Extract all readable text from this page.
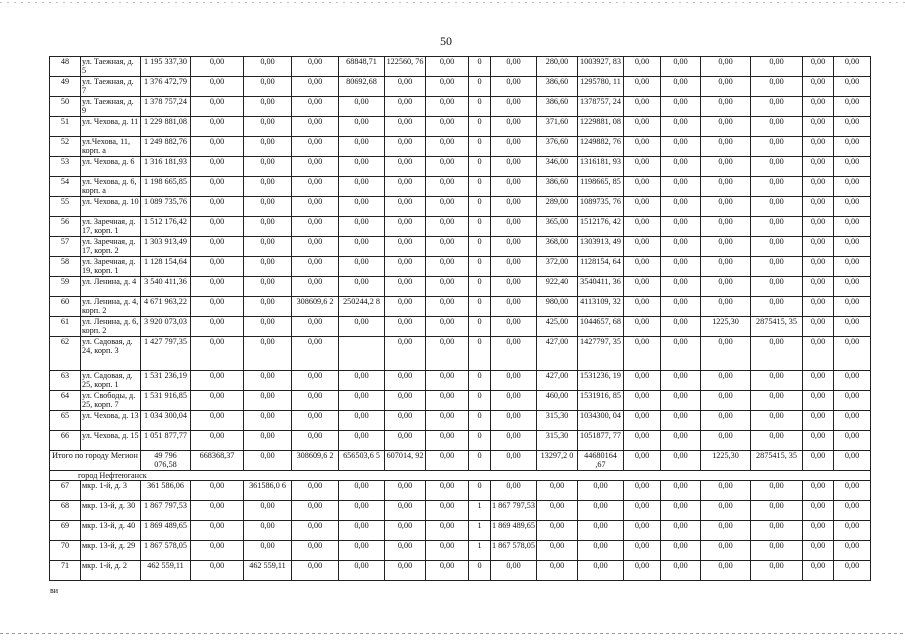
50
48	ул. Таежная, д. 5	1 195 337,30	0,00	0,00	0,00	68848,71	122560, 76	0,00	0	0,00	280,00	1003927, 83	0,00	0,00	0,00	0,00	0,00	0,00
49	ул. Таежная, д. 7	1 376 472,79	0,00	0,00	0,00	80692,68	0,00	0,00	0	0,00	386,60	1295780, 11	0,00	0,00	0,00	0,00	0,00	0,00
50	ул. Таежная, д. 9	1 378 757,24	0,00	0,00	0,00	0,00	0,00	0,00	0	0,00	386,60	1378757, 24	0,00	0,00	0,00	0,00	0,00	0,00
51	ул. Чехова, д. 11	1 229 881,08	0,00	0,00	0,00	0,00	0,00	0,00	0	0,00	371,60	1229881, 08	0,00	0,00	0,00	0,00	0,00	0,00
52	ул.Чехова, 11, корп. а	1 249 882,76	0,00	0,00	0,00	0,00	0,00	0,00	0	0,00	376,60	1249882, 76	0,00	0,00	0,00	0,00	0,00	0,00
53	ул. Чехова, д. 6	1 316 181,93	0,00	0,00	0,00	0,00	0,00	0,00	0	0,00	346,00	1316181, 93	0,00	0,00	0,00	0,00	0,00	0,00
54	ул. Чехова, д. 6, корп. а	1 198 665,85	0,00	0,00	0,00	0,00	0,00	0,00	0	0,00	386,60	1198665, 85	0,00	0,00	0,00	0,00	0,00	0,00
55	ул. Чехова, д. 10	1 089 735,76	0,00	0,00	0,00	0,00	0,00	0,00	0	0,00	289,00	1089735, 76	0,00	0,00	0,00	0,00	0,00	0,00
56	ул. Заречная, д. 17, корп. 1	1 512 176,42	0,00	0,00	0,00	0,00	0,00	0,00	0	0,00	365,00	1512176, 42	0,00	0,00	0,00	0,00	0,00	0,00
57	ул. Заречная, д. 17, корп. 2	1 303 913,49	0,00	0,00	0,00	0,00	0,00	0,00	0	0,00	368,00	1303913, 49	0,00	0,00	0,00	0,00	0,00	0,00
58	ул. Заречная, д. 19, корп. 1	1 128 154,64	0,00	0,00	0,00	0,00	0,00	0,00	0	0,00	372,00	1128154, 64	0,00	0,00	0,00	0,00	0,00	0,00
59	ул. Ленина, д. 4	3 540 411,36	0,00	0,00	0,00	0,00	0,00	0,00	0	0,00	922,40	3540411, 36	0,00	0,00	0,00	0,00	0,00	0,00
60	ул. Ленина, д. 4, корп. 2	4 671 963,22	0,00	0,00	308609,6 2	250244,2 8	0,00	0,00	0	0,00	980,00	4113109, 32	0,00	0,00	0,00	0,00	0,00	0,00
61	ул. Ленина, д. 6, корп. 2	3 920 073,03	0,00	0,00	0,00	0,00	0,00	0,00	0	0,00	425,00	1044657, 68	0,00	0,00	1225,30	2875415, 35	0,00	0,00
62	ул. Садовая, д. 24, корп. 3	1 427 797,35	0,00	0,00	0,00		0,00	0,00	0	0,00	427,00	1427797, 35	0,00	0,00	0,00	0,00	0,00	0,00
63	ул. Садовая, д. 25, корп. 1	1 531 236,19	0,00	0,00	0,00	0,00	0,00	0,00	0	0,00	427,00	1531236, 19	0,00	0,00	0,00	0,00	0,00	0,00
64	ул. Свободы, д. 25, корп. 7	1 531 916,85	0,00	0,00	0,00	0,00	0,00	0,00	0	0,00	460,00	1531916, 85	0,00	0,00	0,00	0,00	0,00	0,00
65	ул. Чехова, д. 13	1 034 300,04	0,00	0,00	0,00	0,00	0,00	0,00	0	0,00	315,30	1034300, 04	0,00	0,00	0,00	0,00	0,00	0,00
66	ул. Чехова, д. 15	1 051 877,77	0,00	0,00	0,00	0,00	0,00	0,00	0	0,00	315,30	1051877, 77	0,00	0,00	0,00	0,00	0,00	0,00
Итого по городу Мегион		49 796 076,58	668368,37	0,00	308609,6 2	656503,6 5	607014, 92	0,00	0	0,00	13297,2 0	44680164 ,67	0,00	0,00	1225,30	2875415, 35	0,00	0,00
город Нефтеюганск																		
67	мкр. 1-й, д. 3	361 586,06	0,00	361586,0 6	0,00	0,00	0,00	0,00	0	0,00	0,00	0,00	0,00	0,00	0,00	0,00	0,00	0,00
68	мкр. 13-й, д. 30	1 867 797,53	0,00	0,00	0,00	0,00	0,00	0,00	1	1 867 797,53	0,00	0,00	0,00	0,00	0,00	0,00	0,00	0,00
69	мкр. 13-й, д. 40	1 869 489,65	0,00	0,00	0,00	0,00	0,00	0,00	1	1 869 489,65	0,00	0,00	0,00	0,00	0,00	0,00	0,00	0,00
70	мкр. 13-й, д. 29	1 867 578,05	0,00	0,00	0,00	0,00	0,00	0,00	1	1 867 578,05	0,00	0,00	0,00	0,00	0,00	0,00	0,00	0,00
71	мкр. 1-й, д. 2	462 559,11	0,00	462 559,11	0,00	0,00	0,00	0,00	0	0,00	0,00	0,00	0,00	0,00	0,00	0,00	0,00	0,00
ви
